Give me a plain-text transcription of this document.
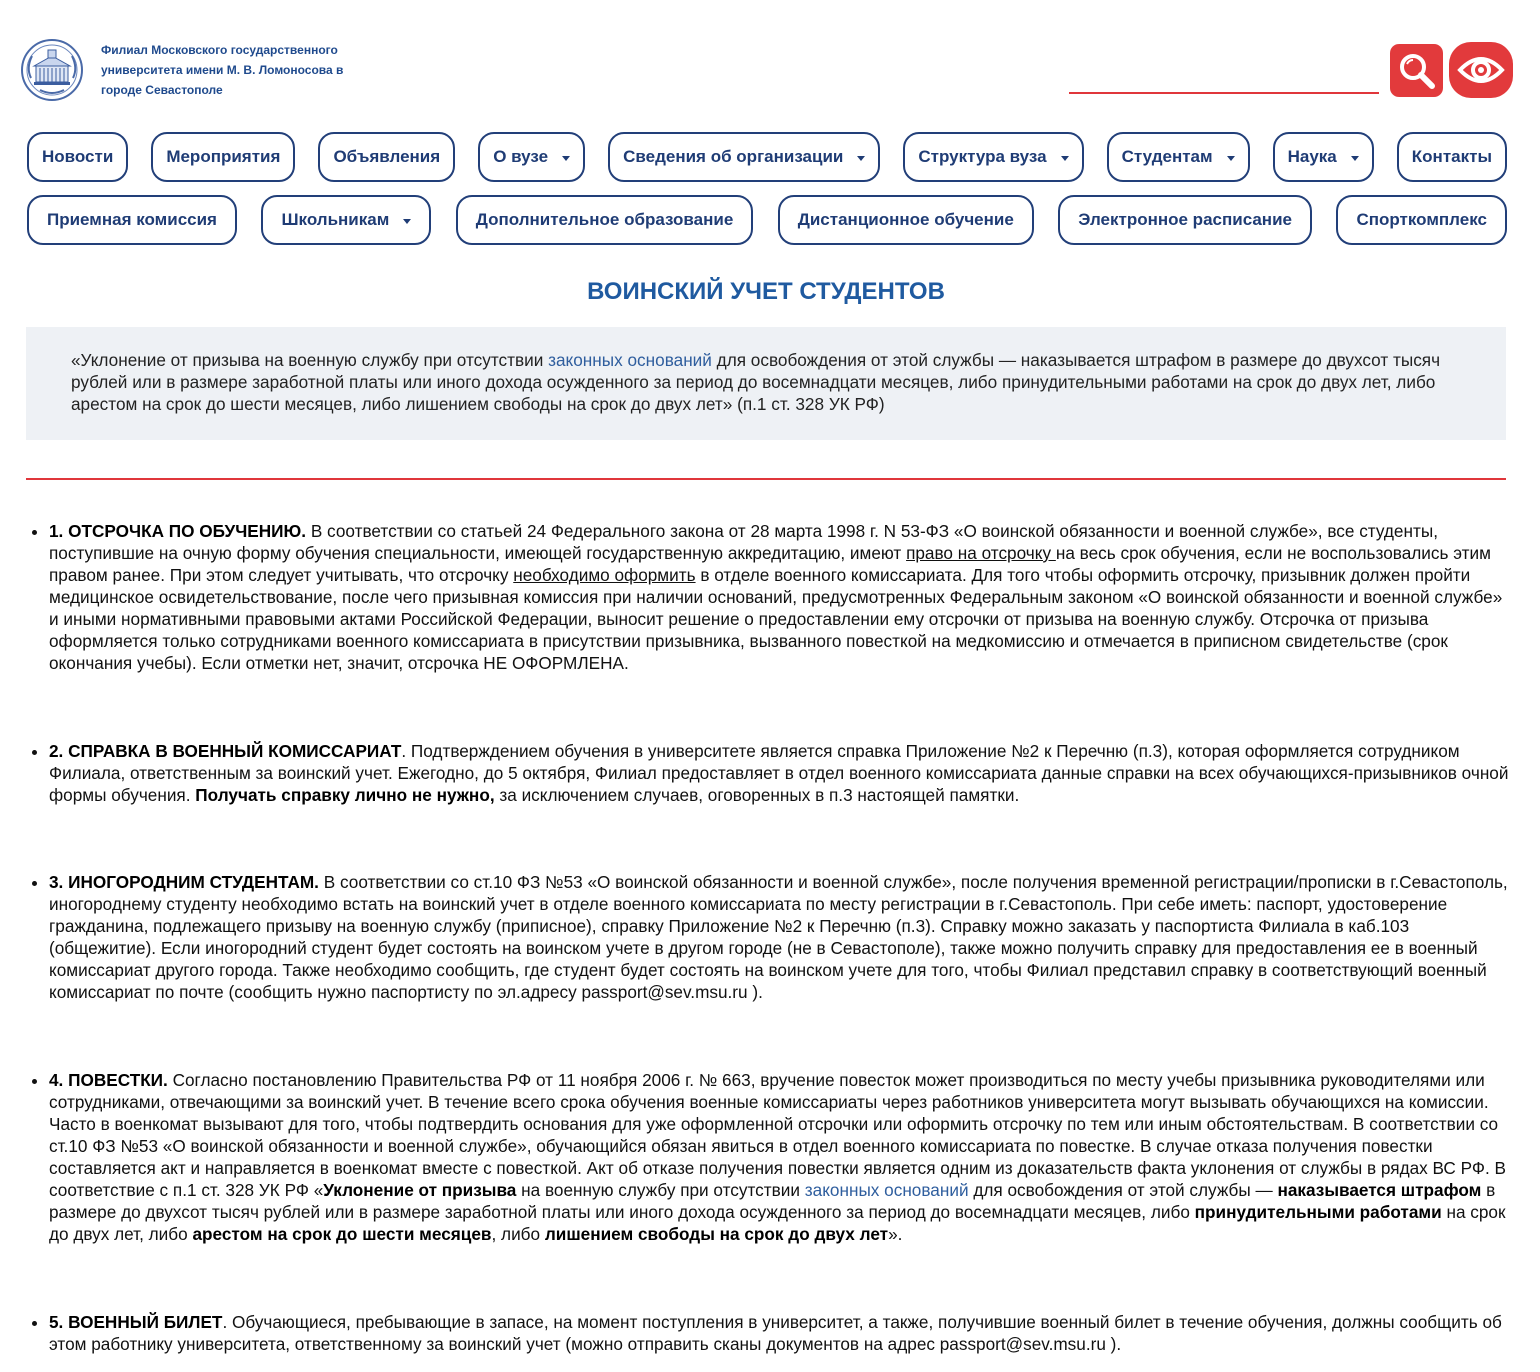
Филиал Московского государственного
университета имени М. В. Ломоносова в
городе Севастополе
Новости	Мероприятия	Объявления	О вузе	Сведения об организации	Структура вуза	Студентам	Наука	Контакты
Приемная комиссия	Школьникам	Дополнительное образование	Дистанционное обучение	Электронное расписание	Спорткомплекс
ВОИНСКИЙ УЧЕТ СТУДЕНТОВ
«Уклонение от призыва на военную службу при отсутствии законных оснований для освобождения от этой службы — наказывается штрафом в размере до двухсот тысяч рублей или в размере заработной платы или иного дохода осужденного за период до восемнадцати месяцев, либо принудительными работами на срок до двух лет, либо арестом на срок до шести месяцев, либо лишением свободы на срок до двух лет» (п.1 ст. 328 УК РФ)
• 1. ОТСРОЧКА ПО ОБУЧЕНИЮ. В соответствии со статьей 24 Федерального закона от 28 марта 1998 г. N 53-ФЗ «О воинской обязанности и военной службе», все студенты, поступившие на очную форму обучения специальности, имеющей государственную аккредитацию, имеют право на отсрочку на весь срок обучения, если не воспользовались этим правом ранее. При этом следует учитывать, что отсрочку необходимо оформить в отделе военного комиссариата. Для того чтобы оформить отсрочку, призывник должен пройти медицинское освидетельствование, после чего призывная комиссия при наличии оснований, предусмотренных Федеральным законом «О воинской обязанности и военной службе» и иными нормативными правовыми актами Российской Федерации, выносит решение о предоставлении ему отсрочки от призыва на военную службу. Отсрочка от призыва оформляется только сотрудниками военного комиссариата в присутствии призывника, вызванного повесткой на медкомиссию и отмечается в приписном свидетельстве (срок окончания учебы). Если отметки нет, значит, отсрочка НЕ ОФОРМЛЕНА.
• 2. СПРАВКА В ВОЕННЫЙ КОМИССАРИАТ. Подтверждением обучения в университете является справка Приложение №2 к Перечню (п.3), которая оформляется сотрудником Филиала, ответственным за воинский учет. Ежегодно, до 5 октября, Филиал предоставляет в отдел военного комиссариата данные справки на всех обучающихся-призывников очной формы обучения. Получать справку лично не нужно, за исключением случаев, оговоренных в п.3 настоящей памятки.
• 3. ИНОГОРОДНИМ СТУДЕНТАМ. В соответствии со ст.10 ФЗ №53 «О воинской обязанности и военной службе», после получения временной регистрации/прописки в г.Севастополь, иногороднему студенту необходимо встать на воинский учет в отделе военного комиссариата по месту регистрации в г.Севастополь. При себе иметь: паспорт, удостоверение гражданина, подлежащего призыву на военную службу (приписное), справку Приложение №2 к Перечню (п.3). Справку можно заказать у паспортиста Филиала в каб.103 (общежитие). Если иногородний студент будет состоять на воинском учете в другом городе (не в Севастополе), также можно получить справку для предоставления ее в военный комиссариат другого города. Также необходимо сообщить, где студент будет состоять на воинском учете для того, чтобы Филиал представил справку в соответствующий военный комиссариат по почте (сообщить нужно паспортисту по эл.адресу passport@sev.msu.ru ).
• 4. ПОВЕСТКИ. Согласно постановлению Правительства РФ от 11 ноября 2006 г. № 663, вручение повесток может производиться по месту учебы призывника руководителями или сотрудниками, отвечающими за воинский учет. В течение всего срока обучения военные комиссариаты через работников университета могут вызывать обучающихся на комиссии. Часто в военкомат вызывают для того, чтобы подтвердить основания для уже оформленной отсрочки или оформить отсрочку по тем или иным обстоятельствам. В соответствии со ст.10 ФЗ №53 «О воинской обязанности и военной службе», обучающийся обязан явиться в отдел военного комиссариата по повестке. В случае отказа получения повестки составляется акт и направляется в военкомат вместе с повесткой. Акт об отказе получения повестки является одним из доказательств факта уклонения от службы в рядах ВС РФ. В соответствие с п.1 ст. 328 УК РФ «Уклонение от призыва на военную службу при отсутствии законных оснований для освобождения от этой службы — наказывается штрафом в размере до двухсот тысяч рублей или в размере заработной платы или иного дохода осужденного за период до восемнадцати месяцев, либо принудительными работами на срок до двух лет, либо арестом на срок до шести месяцев, либо лишением свободы на срок до двух лет».
• 5. ВОЕННЫЙ БИЛЕТ. Обучающиеся, пребывающие в запасе, на момент поступления в университет, а также, получившие военный билет в течение обучения, должны сообщить об этом работнику университета, ответственному за воинский учет (можно отправить сканы документов на адрес passport@sev.msu.ru ).
